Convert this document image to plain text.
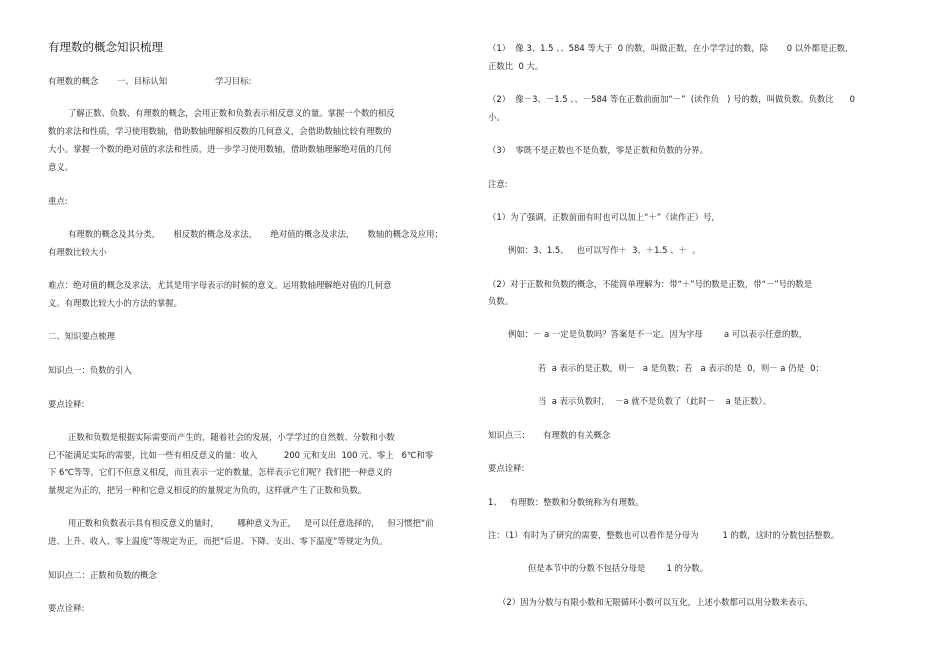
有理数的概念知识梳理
有理数的概念       一、目标认知                  学习目标:
了解正数、负数、有理数的概念，会用正数和负数表示相反意义的量。掌握一个数的相反
数的求法和性质，学习使用数轴，借助数轴理解相反数的几何意义，会借助数轴比较有理数的
大小。掌握一个数的绝对值的求法和性质，进一步学习使用数轴，借助数轴理解绝对值的几何
意义。
重点:
有理数的概念及其分类，     相反数的概念及求法，     绝对值的概念及求法，     数轴的概念及应用；
有理数比较大小
难点：绝对值的概念及求法，尤其是用字母表示的时候的意义。运用数轴理解绝对值的几何意
义。有理数比较大小的方法的掌握。
二、知识要点梳理
知识点一：负数的引入
要点诠释:
正数和负数是根据实际需要而产生的，随着社会的发展，小学学过的自然数、分数和小数
已不能满足实际的需要，比如一些有相反意义的量：收入          200 元和支出  100 元、零上   6℃和零
下 6℃等等，它们不但意义相反，而且表示一定的数量，怎样表示它们呢？我们把一种意义的
量规定为正的，把另一种和它意义相反的的量规定为负的，这样就产生了正数和负数。
用正数和负数表示具有相反意义的量时，       哪种意义为正，   是可以任意选择的，   但习惯把“前
进、上升、收入、零上温度”等规定为正，而把“后退、下降、支出、零下温度”等规定为负。
知识点二：正数和负数的概念
要点诠释:
（1）  像 3、1.5 、、584 等大于  0 的数，叫做正数，在小学学过的数，除       0 以外都是正数，
正数比  0 大。
（2）  像－3、－1.5 、、－584 等在正数前面加“－”  (读作负   ) 号的数，叫做负数。负数比      0
小。
（3）  零既不是正数也不是负数，零是正数和负数的分界。
注意:
（1）为了强调，正数前面有时也可以加上“＋”（读作正）号，
例如：3、1.5、   也可以写作＋  3、＋1.5 、＋  。
（2）对于正数和负数的概念，不能简单理解为：带“＋”号的数是正数，带“－”号的数是
负数。
例如：－ a 一定是负数吗？答案是不一定。因为字母        a 可以表示任意的数，
若  a 表示的是正数，则－   a 是负数；若   a 表示的是  0，则－ a 仍是  0；
当  a 表示负数时，  －a 就不是负数了（此时－    a 是正数）。
知识点三：     有理数的有关概念
要点诠释:
1、   有理数：整数和分数统称为有理数。
注：（1）有时为了研究的需要，整数也可以看作是分母为         1 的数，这时的分数包括整数。
但是本节中的分数不包括分母是        1 的分数。
（2）因为分数与有限小数和无限循环小数可以互化，上述小数都可以用分数来表示，
